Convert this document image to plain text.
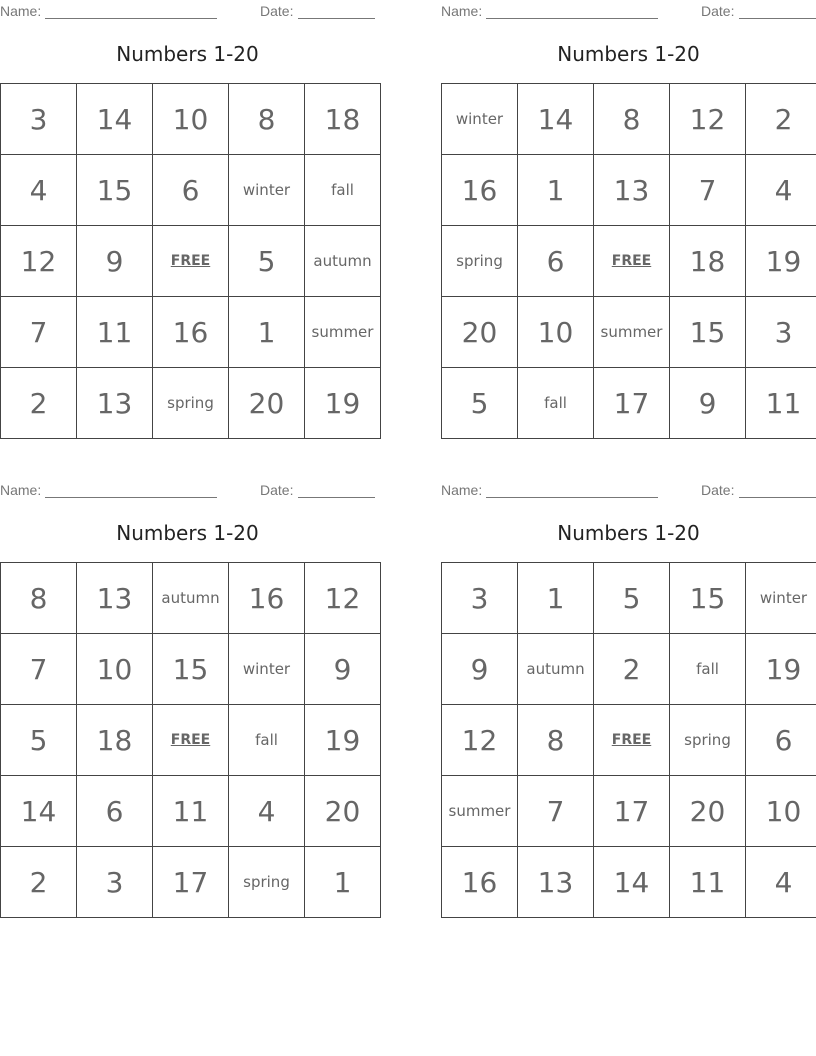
Name:	Date:
Numbers 1-20
3	14	10	8	18
4	15	6	winter	fall
12	9	FREE	5	autumn
7	11	16	1	summer
2	13	spring	20	19
Name:	Date:
Numbers 1-20
winter	14	8	12	2
16	1	13	7	4
spring	6	FREE	18	19
20	10	summer	15	3
5	fall	17	9	11
Name:	Date:
Numbers 1-20
8	13	autumn	16	12
7	10	15	winter	9
5	18	FREE	fall	19
14	6	11	4	20
2	3	17	spring	1
Name:	Date:
Numbers 1-20
3	1	5	15	winter
9	autumn	2	fall	19
12	8	FREE	spring	6
summer	7	17	20	10
16	13	14	11	4
